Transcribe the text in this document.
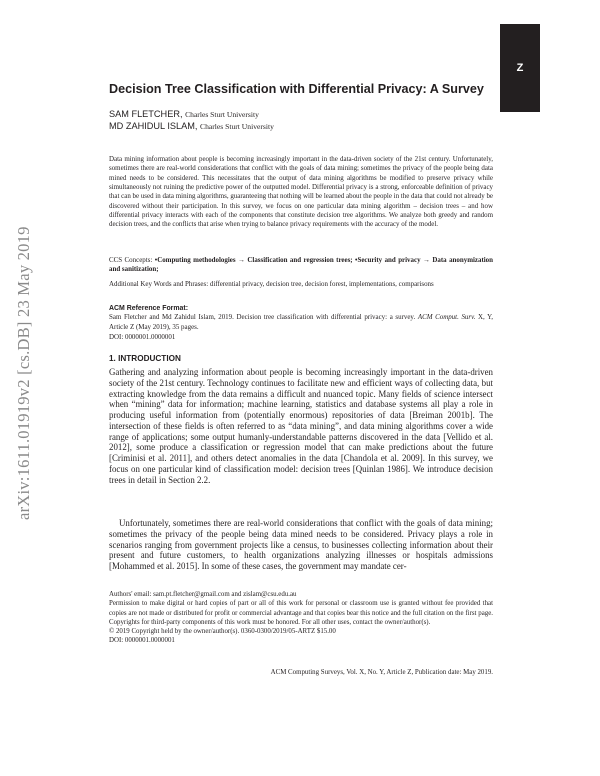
Z
arXiv:1611.01919v2 [cs.DB] 23 May 2019
Decision Tree Classification with Differential Privacy: A Survey
SAM FLETCHER, Charles Sturt University
MD ZAHIDUL ISLAM, Charles Sturt University
Data mining information about people is becoming increasingly important in the data-driven society of the 21st century. Unfortunately, sometimes there are real-world considerations that conflict with the goals of data mining; sometimes the privacy of the people being data mined needs to be considered. This necessitates that the output of data mining algorithms be modified to preserve privacy while simultaneously not ruining the predictive power of the outputted model. Differential privacy is a strong, enforceable definition of privacy that can be used in data mining algorithms, guaranteeing that nothing will be learned about the people in the data that could not already be discovered without their participation. In this survey, we focus on one particular data mining algorithm – decision trees – and how differential privacy interacts with each of the components that constitute decision tree algorithms. We analyze both greedy and random decision trees, and the conflicts that arise when trying to balance privacy requirements with the accuracy of the model.
CCS Concepts: •Computing methodologies → Classification and regression trees; •Security and privacy → Data anonymization and sanitization;
Additional Key Words and Phrases: differential privacy, decision tree, decision forest, implementations, comparisons
ACM Reference Format:
Sam Fletcher and Md Zahidul Islam, 2019. Decision tree classification with differential privacy: a survey. ACM Comput. Surv. X, Y, Article Z (May 2019), 35 pages.
DOI: 0000001.0000001
1. INTRODUCTION
Gathering and analyzing information about people is becoming increasingly important in the data-driven society of the 21st century. Technology continues to facilitate new and efficient ways of collecting data, but extracting knowledge from the data remains a difficult and nuanced topic. Many fields of science intersect when “mining” data for information; machine learning, statistics and database systems all play a role in producing useful information from (potentially enormous) repositories of data [Breiman 2001b]. The intersection of these fields is often referred to as “data mining”, and data mining algorithms cover a wide range of applications; some output humanly-understandable patterns discovered in the data [Vellido et al. 2012], some produce a classification or regression model that can make predictions about the future [Criminisi et al. 2011], and others detect anomalies in the data [Chandola et al. 2009]. In this survey, we focus on one particular kind of classification model: decision trees [Quinlan 1986]. We introduce decision trees in detail in Section 2.2.
Unfortunately, sometimes there are real-world considerations that conflict with the goals of data mining; sometimes the privacy of the people being data mined needs to be considered. Privacy plays a role in scenarios ranging from government projects like a census, to businesses collecting information about their present and future customers, to health organizations analyzing illnesses or hospitals admissions [Mohammed et al. 2015]. In some of these cases, the government may mandate cer-
Authors' email: sam.pt.fletcher@gmail.com and zislam@csu.edu.au
Permission to make digital or hard copies of part or all of this work for personal or classroom use is granted without fee provided that copies are not made or distributed for profit or commercial advantage and that copies bear this notice and the full citation on the first page. Copyrights for third-party components of this work must be honored. For all other uses, contact the owner/author(s).
© 2019 Copyright held by the owner/author(s). 0360-0300/2019/05-ARTZ $15.00
DOI: 0000001.0000001
ACM Computing Surveys, Vol. X, No. Y, Article Z, Publication date: May 2019.
